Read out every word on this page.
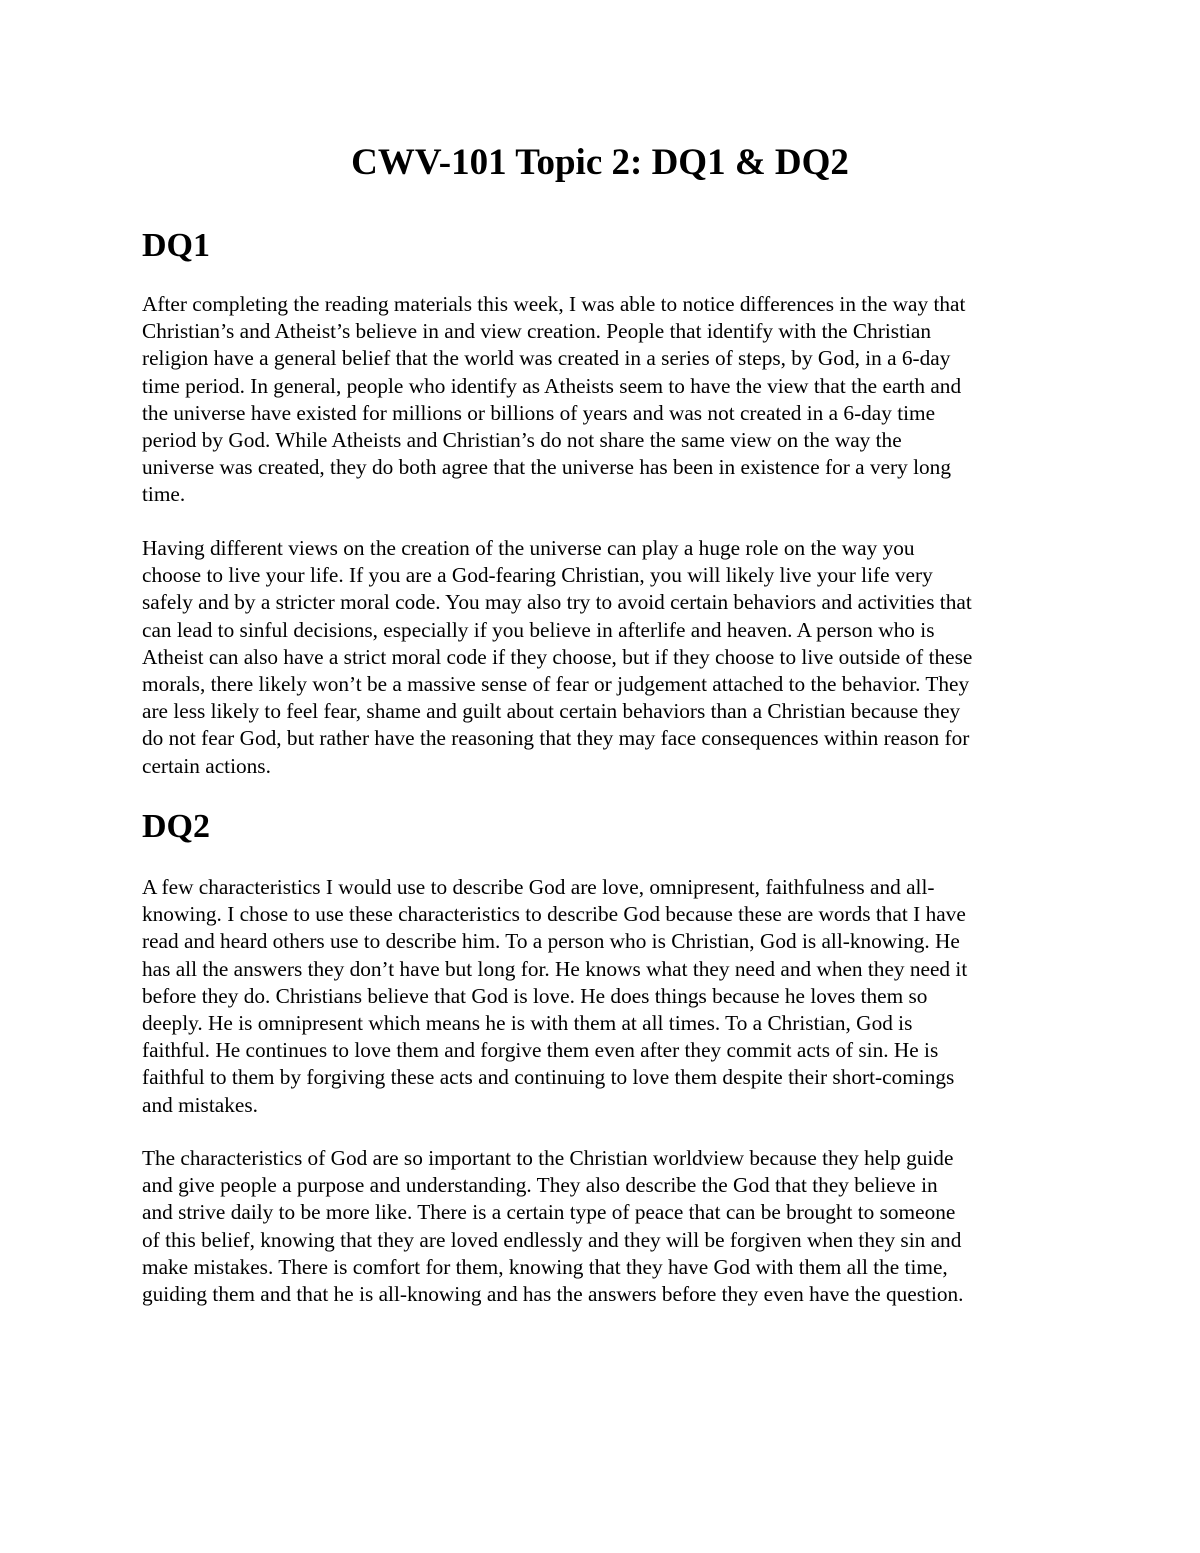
CWV-101 Topic 2: DQ1 & DQ2
DQ1
After completing the reading materials this week, I was able to notice differences in the way that
Christian’s and Atheist’s believe in and view creation. People that identify with the Christian
religion have a general belief that the world was created in a series of steps, by God, in a 6-day
time period. In general, people who identify as Atheists seem to have the view that the earth and
the universe have existed for millions or billions of years and was not created in a 6-day time
period by God. While Atheists and Christian’s do not share the same view on the way the
universe was created, they do both agree that the universe has been in existence for a very long
time.
Having different views on the creation of the universe can play a huge role on the way you
choose to live your life. If you are a God-fearing Christian, you will likely live your life very
safely and by a stricter moral code. You may also try to avoid certain behaviors and activities that
can lead to sinful decisions, especially if you believe in afterlife and heaven. A person who is
Atheist can also have a strict moral code if they choose, but if they choose to live outside of these
morals, there likely won’t be a massive sense of fear or judgement attached to the behavior. They
are less likely to feel fear, shame and guilt about certain behaviors than a Christian because they
do not fear God, but rather have the reasoning that they may face consequences within reason for
certain actions.
DQ2
A few characteristics I would use to describe God are love, omnipresent, faithfulness and all-
knowing. I chose to use these characteristics to describe God because these are words that I have
read and heard others use to describe him. To a person who is Christian, God is all-knowing. He
has all the answers they don’t have but long for. He knows what they need and when they need it
before they do. Christians believe that God is love. He does things because he loves them so
deeply. He is omnipresent which means he is with them at all times. To a Christian, God is
faithful. He continues to love them and forgive them even after they commit acts of sin. He is
faithful to them by forgiving these acts and continuing to love them despite their short-comings
and mistakes.
The characteristics of God are so important to the Christian worldview because they help guide
and give people a purpose and understanding. They also describe the God that they believe in
and strive daily to be more like. There is a certain type of peace that can be brought to someone
of this belief, knowing that they are loved endlessly and they will be forgiven when they sin and
make mistakes. There is comfort for them, knowing that they have God with them all the time,
guiding them and that he is all-knowing and has the answers before they even have the question.
